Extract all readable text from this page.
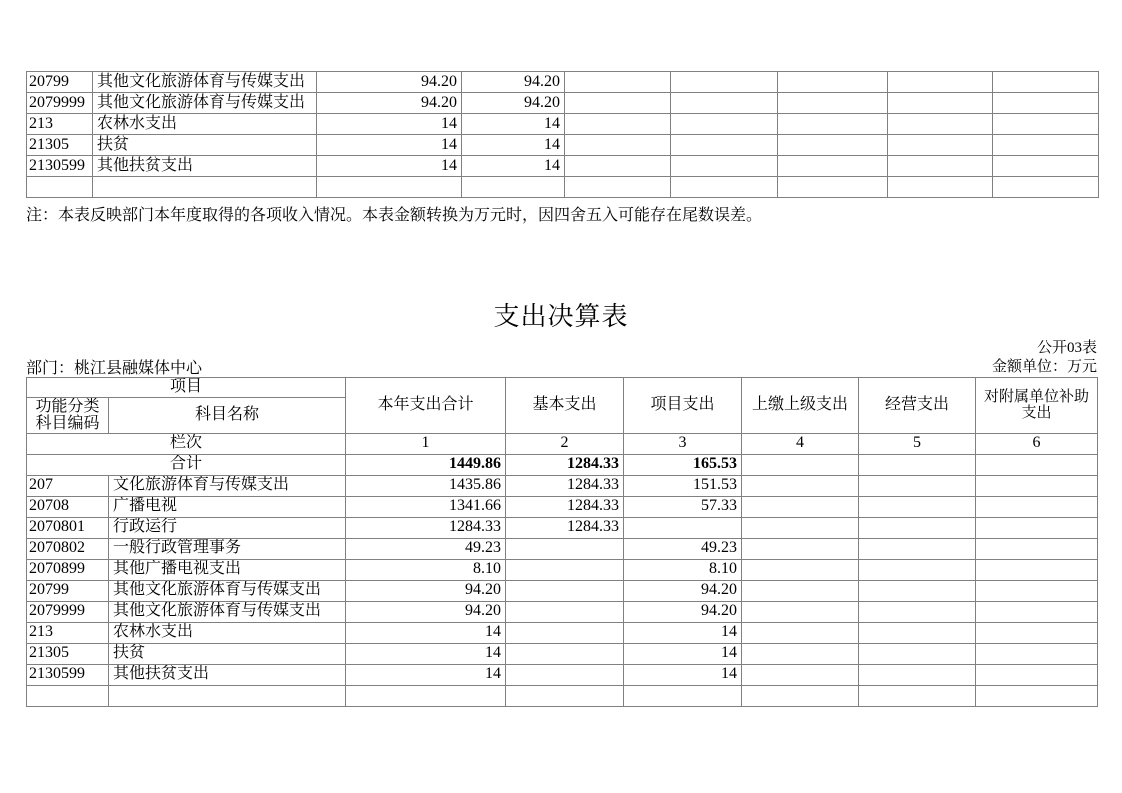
20799	其他文化旅游体育与传媒支出	94.20	94.20					
2079999	其他文化旅游体育与传媒支出	94.20	94.20					
213	农林水支出	14	14					
21305	扶贫	14	14					
2130599	其他扶贫支出	14	14					

注：本表反映部门本年度取得的各项收入情况。本表金额转换为万元时，因四舍五入可能存在尾数误差。
支出决算表
公开03表
部门：桃江县融媒体中心	金额单位：万元
项目		本年支出合计	基本支出	项目支出	上缴上级支出	经营支出	对附属单位补助支出
功能分类科目编码	科目名称						
栏次		1	2	3	4	5	6
合计		1449.86	1284.33	165.53			
207	文化旅游体育与传媒支出	1435.86	1284.33	151.53			
20708	广播电视	1341.66	1284.33	57.33			
2070801	行政运行	1284.33	1284.33				
2070802	一般行政管理事务	49.23		49.23			
2070899	其他广播电视支出	8.10		8.10			
20799	其他文化旅游体育与传媒支出	94.20		94.20			
2079999	其他文化旅游体育与传媒支出	94.20		94.20			
213	农林水支出	14		14			
21305	扶贫	14		14			
2130599	其他扶贫支出	14		14			
